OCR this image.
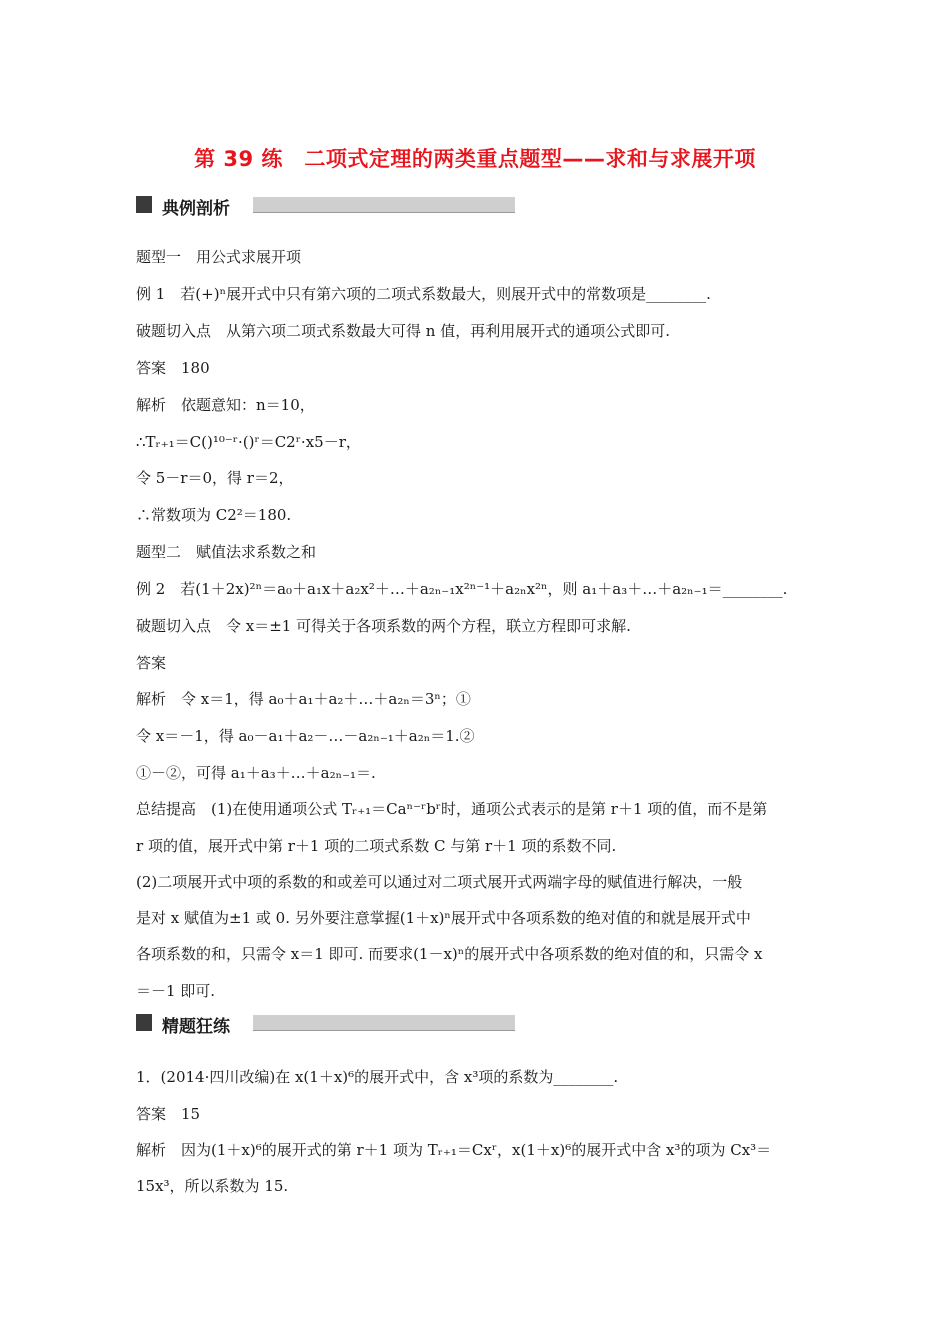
第 39 练　二项式定理的两类重点题型——求和与求展开项
典例剖析
题型一　用公式求展开项
例 1　若(+)ⁿ展开式中只有第六项的二项式系数最大，则展开式中的常数项是________.
破题切入点　从第六项二项式系数最大可得 n 值，再利用展开式的通项公式即可.
答案　180
解析　依题意知：n＝10，
∴Tᵣ₊₁＝C()¹⁰⁻ʳ·()ʳ＝C2ʳ·x5－r，
令 5－r＝0，得 r＝2，
∴常数项为 C2²＝180.
题型二　赋值法求系数之和
例 2　若(1＋2x)²ⁿ＝a₀＋a₁x＋a₂x²＋…＋a₂ₙ₋₁x²ⁿ⁻¹＋a₂ₙx²ⁿ，则 a₁＋a₃＋…＋a₂ₙ₋₁＝________.
破题切入点　令 x＝±1 可得关于各项系数的两个方程，联立方程即可求解.
答案
解析　令 x＝1，得 a₀＋a₁＋a₂＋…＋a₂ₙ＝3ⁿ；①
令 x＝－1，得 a₀－a₁＋a₂－…－a₂ₙ₋₁＋a₂ₙ＝1.②
①－②，可得 a₁＋a₃＋…＋a₂ₙ₋₁＝.
总结提高　(1)在使用通项公式 Tᵣ₊₁＝Caⁿ⁻ʳbʳ时，通项公式表示的是第 r＋1 项的值，而不是第
r 项的值，展开式中第 r＋1 项的二项式系数 C 与第 r＋1 项的系数不同.
(2)二项展开式中项的系数的和或差可以通过对二项式展开式两端字母的赋值进行解决，一般
是对 x 赋值为±1 或 0. 另外要注意掌握(1＋x)ⁿ展开式中各项系数的绝对值的和就是展开式中
各项系数的和，只需令 x＝1 即可. 而要求(1－x)ⁿ的展开式中各项系数的绝对值的和，只需令 x
＝－1 即可.
精题狂练
1．(2014·四川改编)在 x(1＋x)⁶的展开式中，含 x³项的系数为________.
答案　15
解析　因为(1＋x)⁶的展开式的第 r＋1 项为 Tᵣ₊₁＝Cxʳ，x(1＋x)⁶的展开式中含 x³的项为 Cx³＝
15x³，所以系数为 15.
